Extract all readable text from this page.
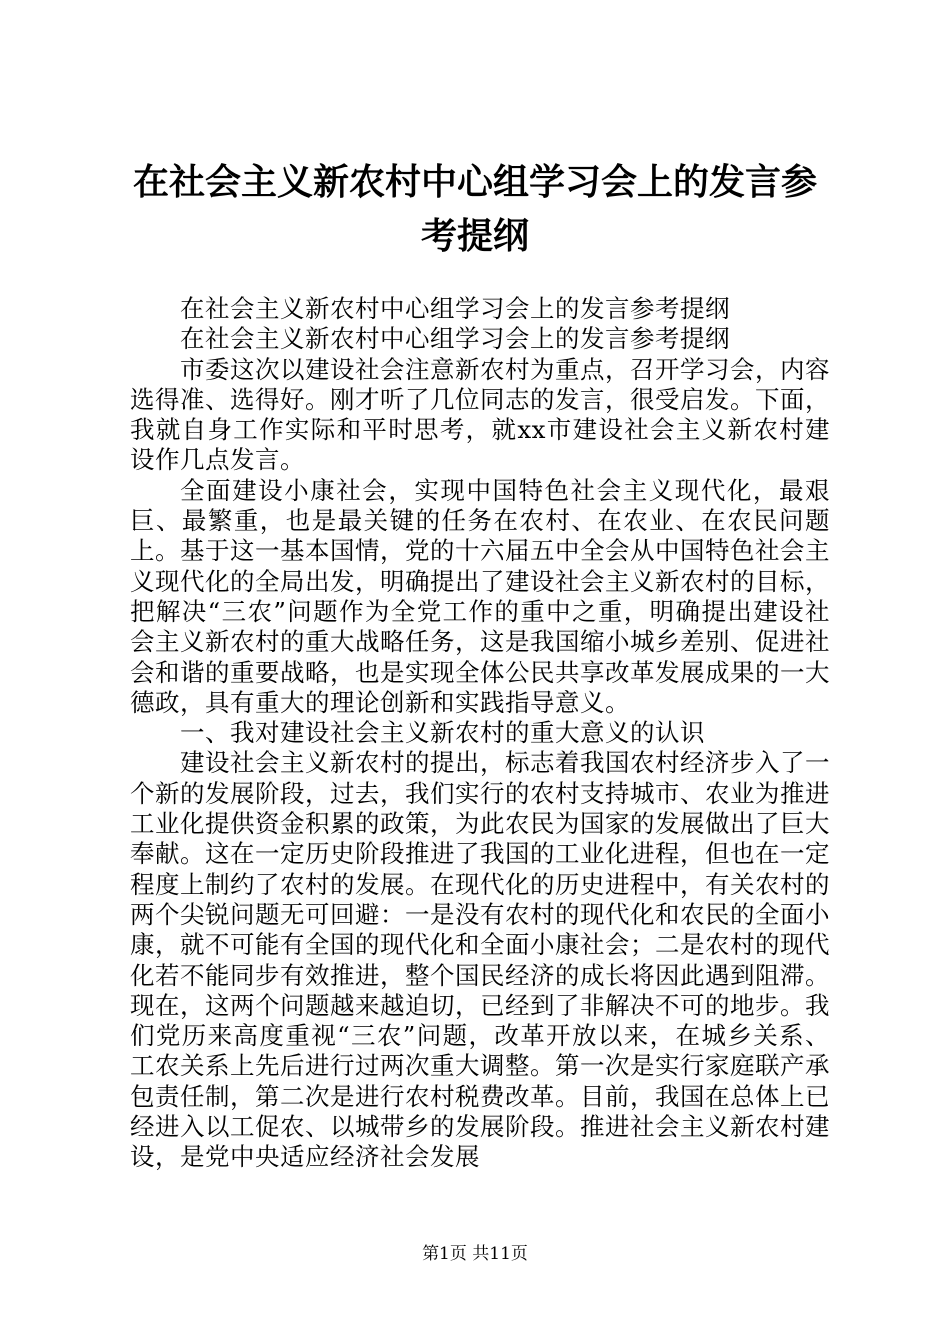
在社会主义新农村中心组学习会上的发言参考提纲

在社会主义新农村中心组学习会上的发言参考提纲

在社会主义新农村中心组学习会上的发言参考提纲

市委这次以建设社会注意新农村为重点，召开学习会，内容选得准、选得好。刚才听了几位同志的发言，很受启发。下面，我就自身工作实际和平时思考，就xx市建设社会主义新农村建设作几点发言。

全面建设小康社会，实现中国特色社会主义现代化，最艰巨、最繁重，也是最关键的任务在农村、在农业、在农民问题上。基于这一基本国情，党的十六届五中全会从中国特色社会主义现代化的全局出发，明确提出了建设社会主义新农村的目标，把解决“三农”问题作为全党工作的重中之重，明确提出建设社会主义新农村的重大战略任务，这是我国缩小城乡差别、促进社会和谐的重要战略，也是实现全体公民共享改革发展成果的一大德政，具有重大的理论创新和实践指导意义。

一、我对建设社会主义新农村的重大意义的认识

建设社会主义新农村的提出，标志着我国农村经济步入了一个新的发展阶段，过去，我们实行的农村支持城市、农业为推进工业化提供资金积累的政策，为此农民为国家的发展做出了巨大奉献。这在一定历史阶段推进了我国的工业化进程，但也在一定程度上制约了农村的发展。在现代化的历史进程中，有关农村的两个尖锐问题无可回避：一是没有农村的现代化和农民的全面小康，就不可能有全国的现代化和全面小康社会；二是农村的现代化若不能同步有效推进，整个国民经济的成长将因此遇到阻滞。现在，这两个问题越来越迫切，已经到了非解决不可的地步。我们党历来高度重视“三农”问题，改革开放以来，在城乡关系、工农关系上先后进行过两次重大调整。第一次是实行家庭联产承包责任制，第二次是进行农村税费改革。目前，我国在总体上已经进入以工促农、以城带乡的发展阶段。推进社会主义新农村建设，是党中央适应经济社会发展

第1页 共11页
